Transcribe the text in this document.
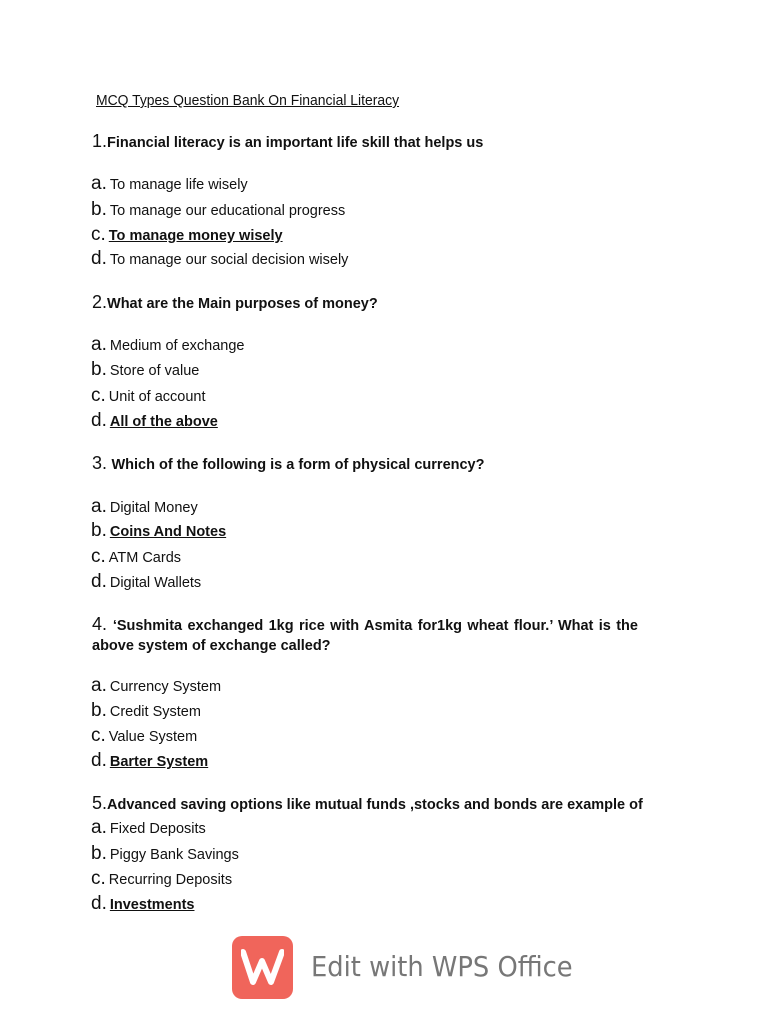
MCQ Types Question Bank On Financial Literacy
1.Financial literacy is an important life skill that helps us
a. To manage life wisely
b. To manage our educational progress
c. To manage money wisely
d. To manage our social decision wisely
2.What are the Main purposes of money?
a. Medium of exchange
b. Store of value
c. Unit of account
d. All of the above
3. Which of the following is a form of physical currency?
a. Digital Money
b. Coins And Notes
c. ATM Cards
d. Digital Wallets
4. ‘Sushmita exchanged 1kg rice with Asmita for1kg wheat flour.’ What is the above system of exchange called?
a. Currency System
b. Credit System
c. Value System
d. Barter System
5.Advanced saving options like mutual funds ,stocks and bonds are example of
a. Fixed Deposits
b. Piggy Bank Savings
c. Recurring Deposits
d. Investments
Edit with WPS Office
